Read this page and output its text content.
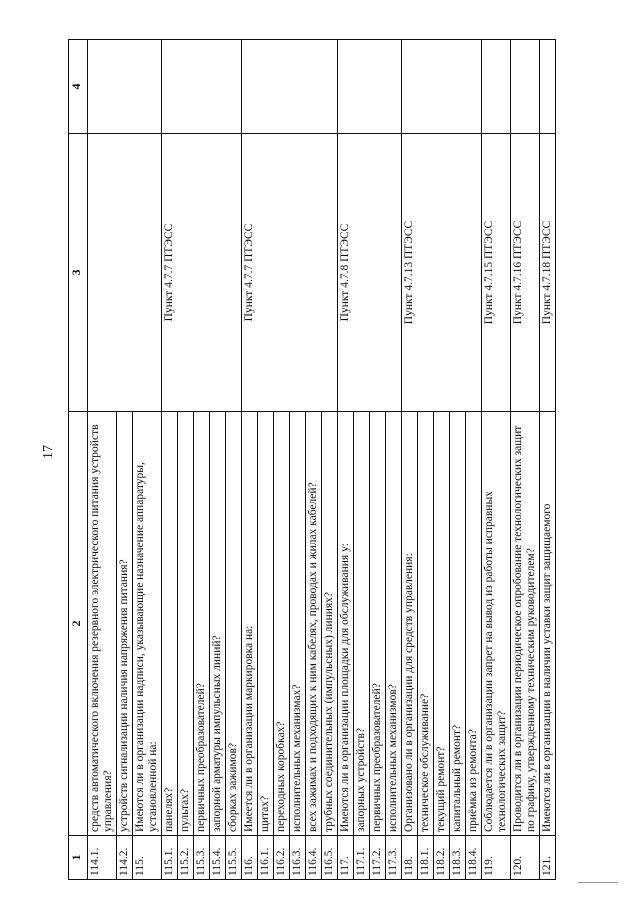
17
1	2	3	4
114.1.	средств автоматического включения резервного электрического питания устройств управления?		
114.2.	устройств сигнализации наличия напряжения питания?		
115.	Имеются ли в организации надписи, указывающие назначение аппаратуры, установленной на:		
115.1.	панелях?	Пункт 4.7.7 ПТЭСС	
115.2.	пультах?		
115.3.	первичных преобразователей?		
115.4.	запорной арматуры импульсных линий?		
115.5.	сборках зажимов?		
116.	Имеется ли в организации маркировка на:	Пункт 4.7.7 ПТЭСС	
116.1.	щитах?		
116.2.	переходных коробках?		
116.3.	исполнительных механизмах?		
116.4.	всех зажимах и подходящих к ним кабелях, проводах и жилах кабелей?		
116.5.	трубных соединительных (импульсных) линиях?		
117.	Имеются ли в организации площадки для обслуживания у:	Пункт 4.7.8 ПТЭСС	
117.1.	запорных устройств?		
117.2.	первичных преобразователей?		
117.3.	исполнительных механизмов?		
118.	Организовано ли в организации для средств управления:	Пункт 4.7.13 ПТЭСС	
118.1.	техническое обслуживание?		
118.2.	текущий ремонт?		
118.3.	капитальный ремонт?		
118.4.	приёмка из ремонта?		
119.	Соблюдается ли в организации запрет на вывод из работы исправных технологических защит?	Пункт 4.7.15 ПТЭСС	
120.	Проводится ли в организации периодическое опробование технологических защит по графику, утвержденному техническим руководителем?	Пункт 4.7.16 ПТЭСС	
121.	Имеются ли в организации в наличии уставки защит защищаемого	Пункт 4.7.18 ПТЭСС	
